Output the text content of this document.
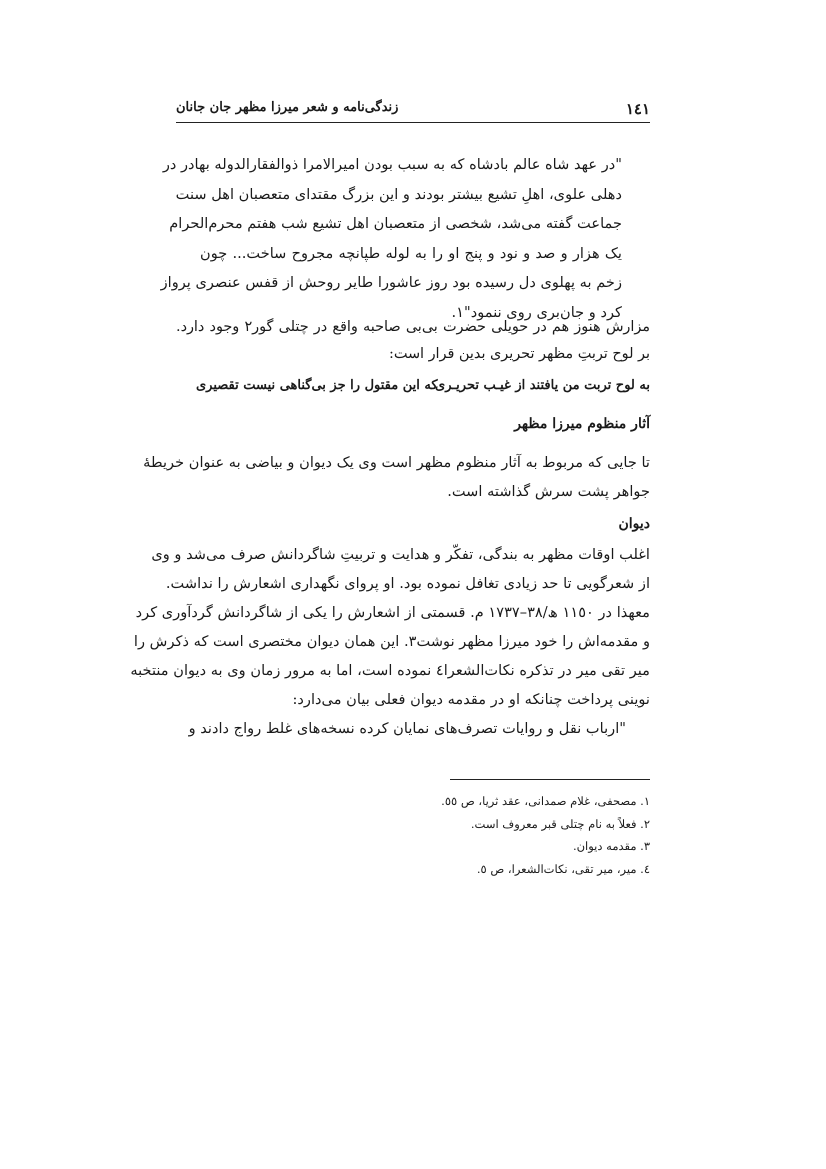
١٤١
زندگی‌نامه و شعر میرزا مظهر جان جانان
"در عهد شاه عالم بادشاه که به سبب بودن امیرالامرا ذوالفقارالدوله بهادر در
دهلی علوی، اهلِ تشیع بیشتر بودند و این بزرگ مقتدای متعصبان اهل سنت
جماعت گفته می‌شد، شخصی از متعصبان اهل تشیع شب هفتم محرم‌الحرام
یک هزار و صد و نود و پنج او را به لوله طپانچه مجروح ساخت... چون
زخم به پهلوی دل رسیده بود روز عاشورا طایر روحش از قفس عنصری پرواز
کرد و جان‌بری روی ننمود"١.
مزارش هنوز هم در حویلی حضرت بی‌بی صاحبه واقع در چتلی گور٢ وجود دارد.
بر لوح تربتِ مظهر تحریری بدین قرار است:
به لوح تربت من یافتند از غیـب تحریـری
که این مقتول را جز بی‌گناهی نیست تقصیری
آثار منظوم میرزا مظهر
تا جایی که مربوط به آثار منظوم مظهر است وی یک دیوان و بیاضی به عنوان خریطهٔ
جواهر پشت سرش گذاشته است.
دیوان
اغلب اوقات مظهر به بندگی، تفکّر و هدایت و تربیتِ شاگردانش صرف می‌شد و وی
از شعرگویی تا حد زیادی تغافل نموده بود. او پروای نگهداری اشعارش را نداشت.
معهذا در ١١٥٠ ھ/٣٨–١٧٣٧ م. قسمتی از اشعارش را یکی از شاگردانش گردآوری کرد
و مقدمه‌اش را خود میرزا مظهر نوشت٣. این همان دیوان مختصری است که ذکرش را
میر تقی میر در تذکره نکات‌الشعرا٤ نموده است، اما به مرور زمان وی به دیوان منتخبه
نوینی پرداخت چنانکه او در مقدمه دیوان فعلی بیان می‌دارد:
"ارباب نقل و روایات تصرف‌های نمایان کرده نسخه‌های غلط رواج دادند و
١. مصحفی، غلام صمدانی، عقد ثریا، ص ٥٥.
٢. فعلاً به نام چتلی قبر معروف است.
٣. مقدمه دیوان.
٤. میر، میر تقی، نکات‌الشعرا، ص ٥.
